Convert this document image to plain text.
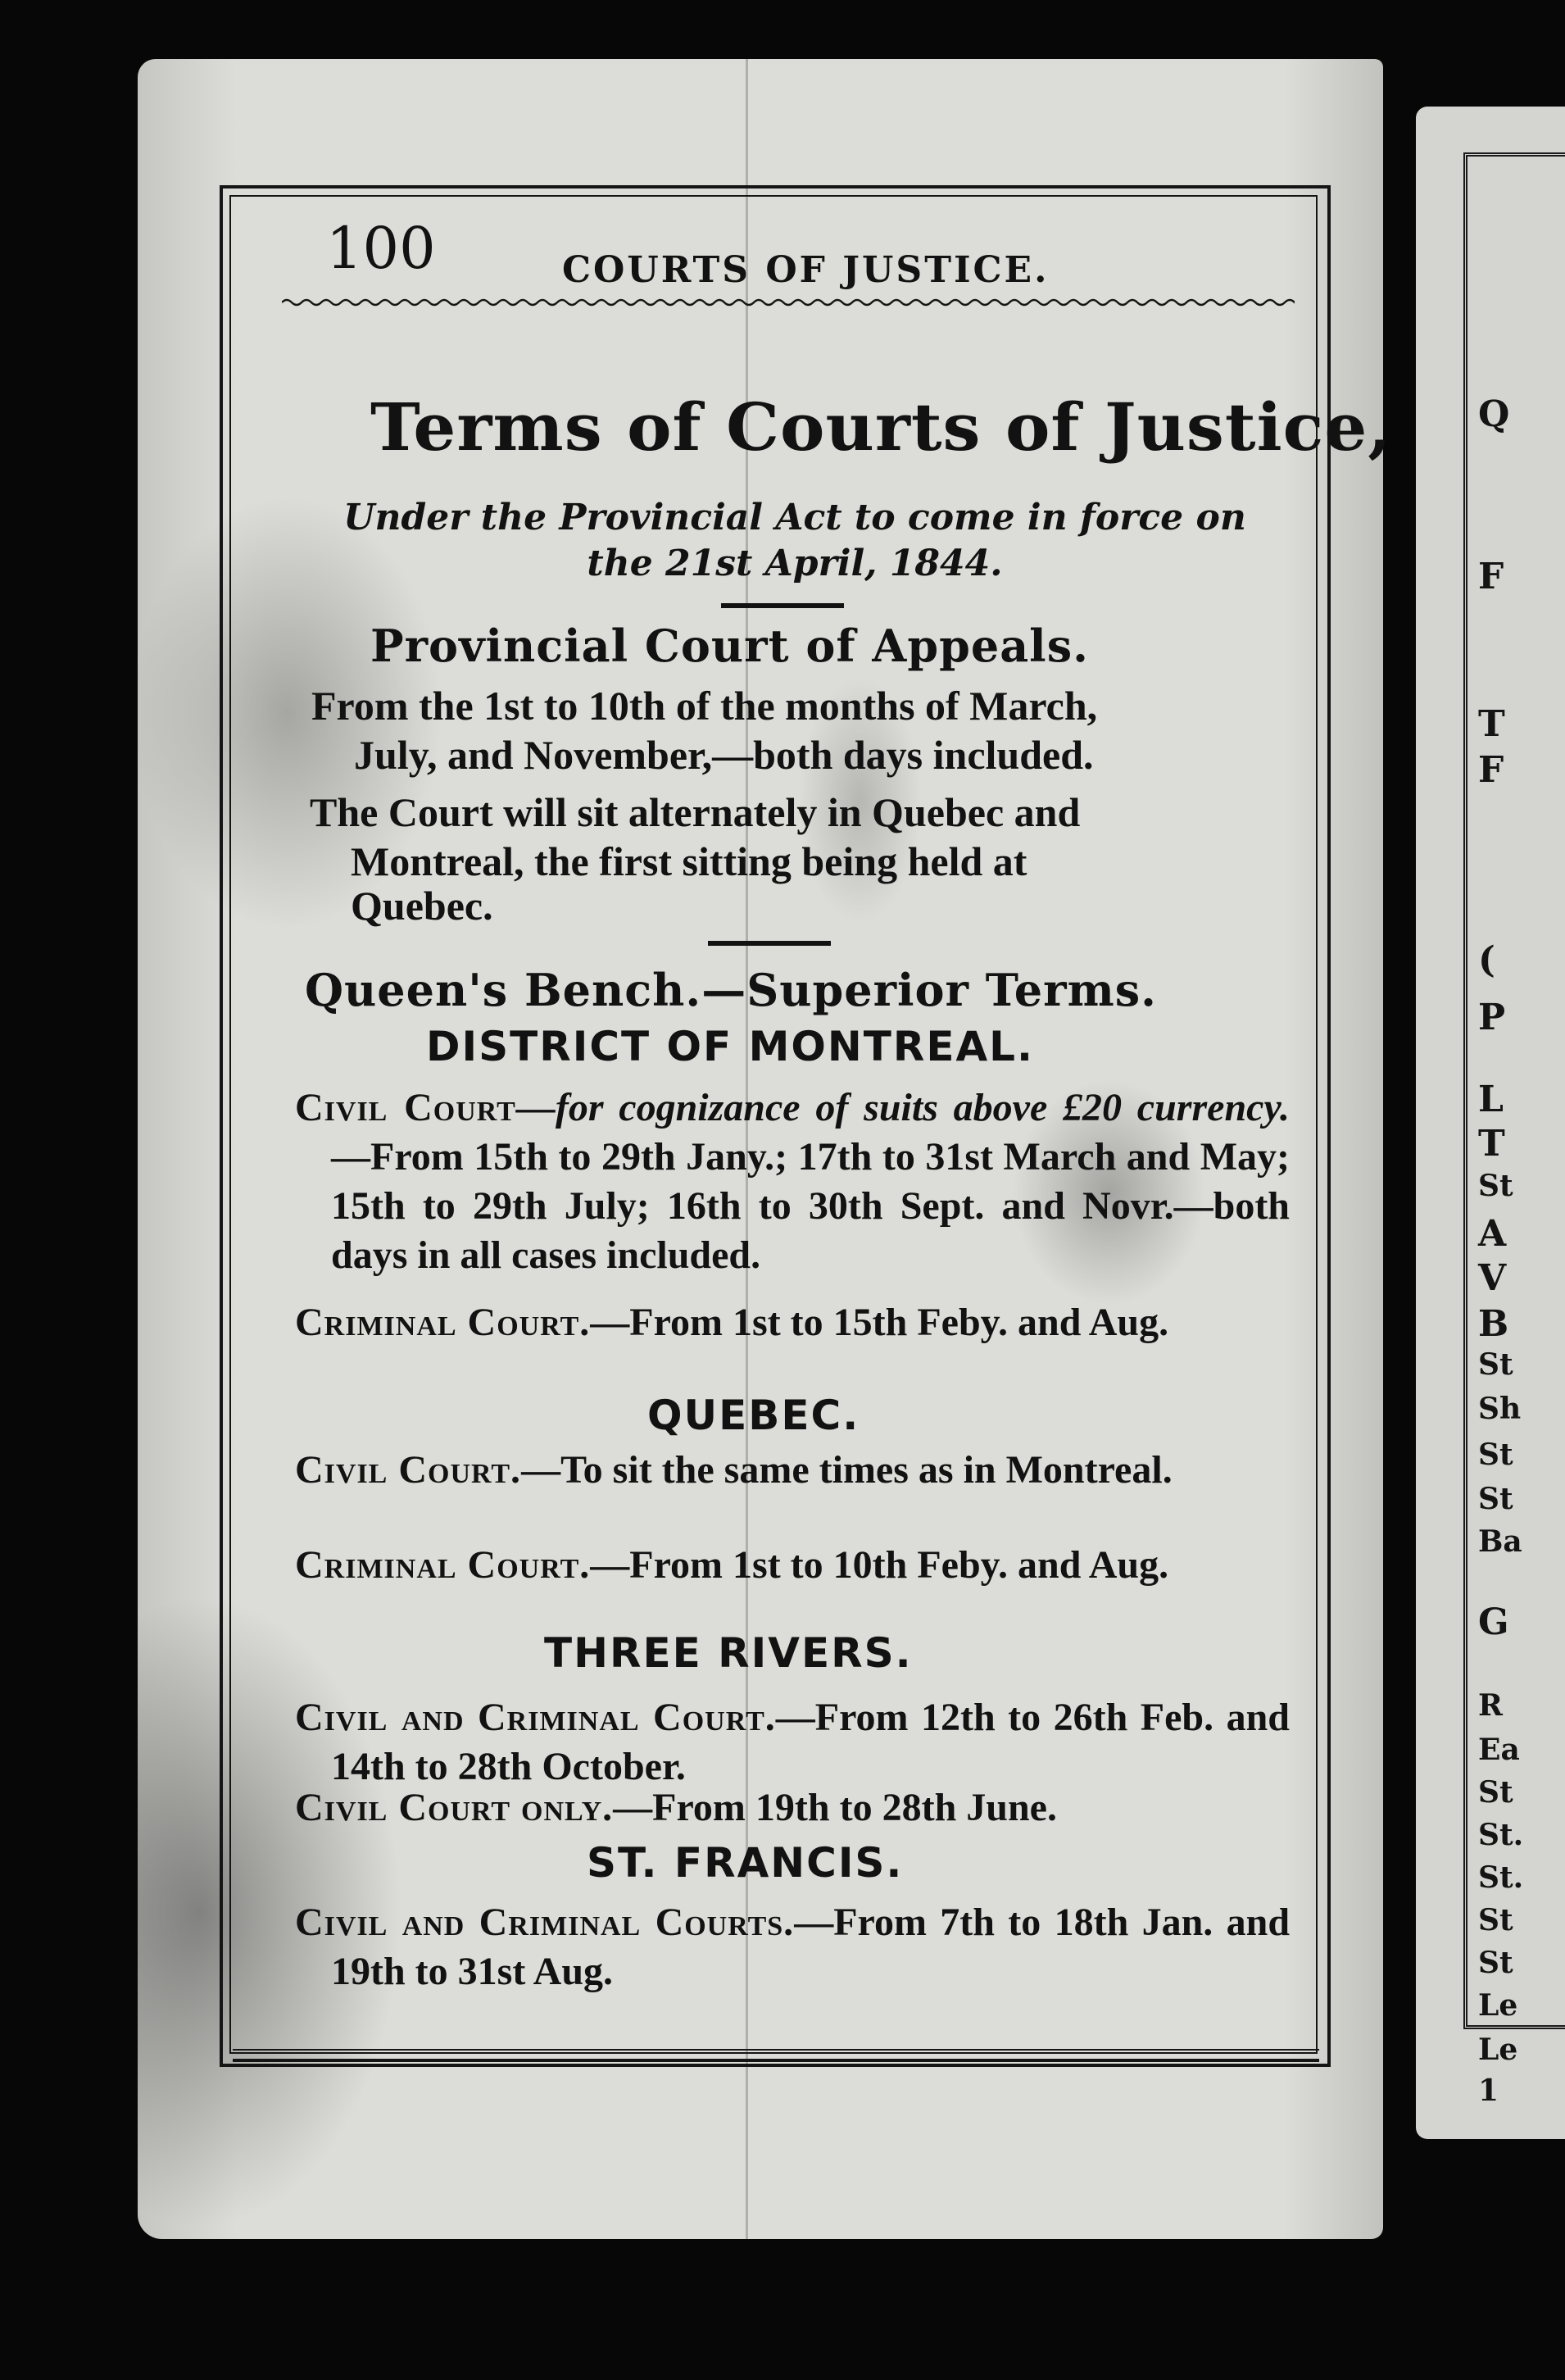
Q
F
T
F
(
P
L
T
St
A
V
B
St
Sh
St
St
Ba
G
R
Ea
St
St.
St.
St
St
Le
Le
1
100	COURTS OF JUSTICE.
Terms of Courts of Justice,
Under the Provincial Act to come in force on the 21st April, 1844.
Provincial Court of Appeals.
From the 1st to 10th of the months of March,
July, and November,—both days included.
The Court will sit alternately in Quebec and
Montreal, the first sitting being held at
Quebec.
Queen's Bench.—Superior Terms.
DISTRICT OF MONTREAL.
Civil Court—for cognizance of suits above £20 currency.—From 15th to 29th Jany.; 17th to 31st March and May; 15th to 29th July; 16th to 30th Sept. and Novr.—both days in all cases included.
Criminal Court.—From 1st to 15th Feby. and Aug.
QUEBEC.
Civil Court.—To sit the same times as in Montreal.
Criminal Court.—From 1st to 10th Feby. and Aug.
THREE RIVERS.
Civil and Criminal Court.—From 12th to 26th Feb. and 14th to 28th October.
Civil Court only.—From 19th to 28th June.
ST. FRANCIS.
Civil and Criminal Courts.—From 7th to 18th Jan. and 19th to 31st Aug.
